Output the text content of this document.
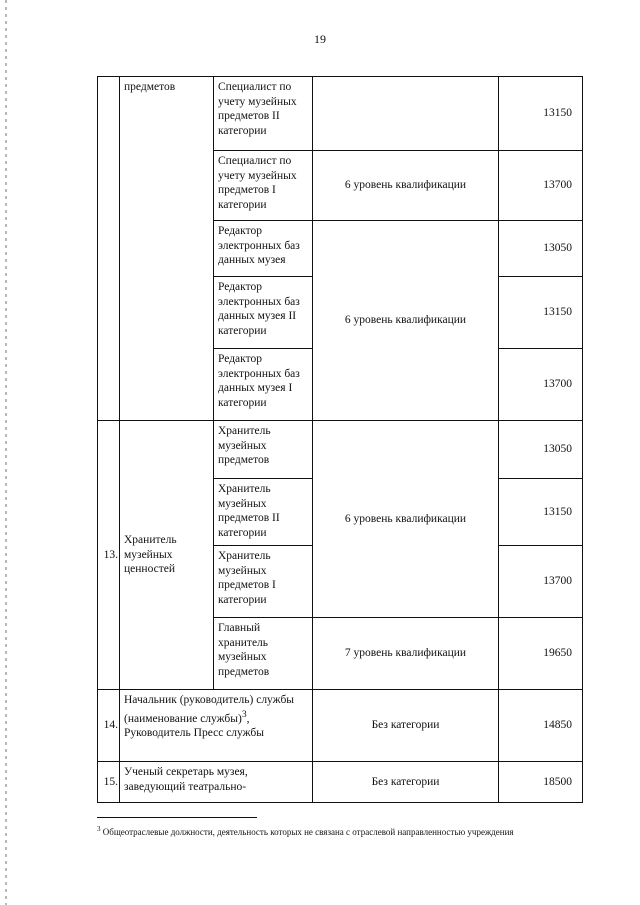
19
	предметов	Специалист по учету музейных предметов II категории		13150
		Специалист по учету музейных предметов I категории	6 уровень квалификации	13700
		Редактор электронных баз данных музея	6 уровень квалификации	13050
		Редактор электронных баз данных музея II категории		13150
		Редактор электронных баз данных музея I категории		13700
13.	Хранитель музейных ценностей	Хранитель музейных предметов	6 уровень квалификации	13050
		Хранитель музейных предметов II категории		13150
		Хранитель музейных предметов I категории		13700
		Главный хранитель музейных предметов	7 уровень квалификации	19650
14.	Начальник (руководитель) службы (наименование службы)$^3$, Руководитель Пресс службы		Без категории	14850
15.	Ученый секретарь музея, заведующий театрально-		Без категории	18500
$^3$ Общеотраслевые должности, деятельность которых не связана с отраслевой направленностью учреждения
